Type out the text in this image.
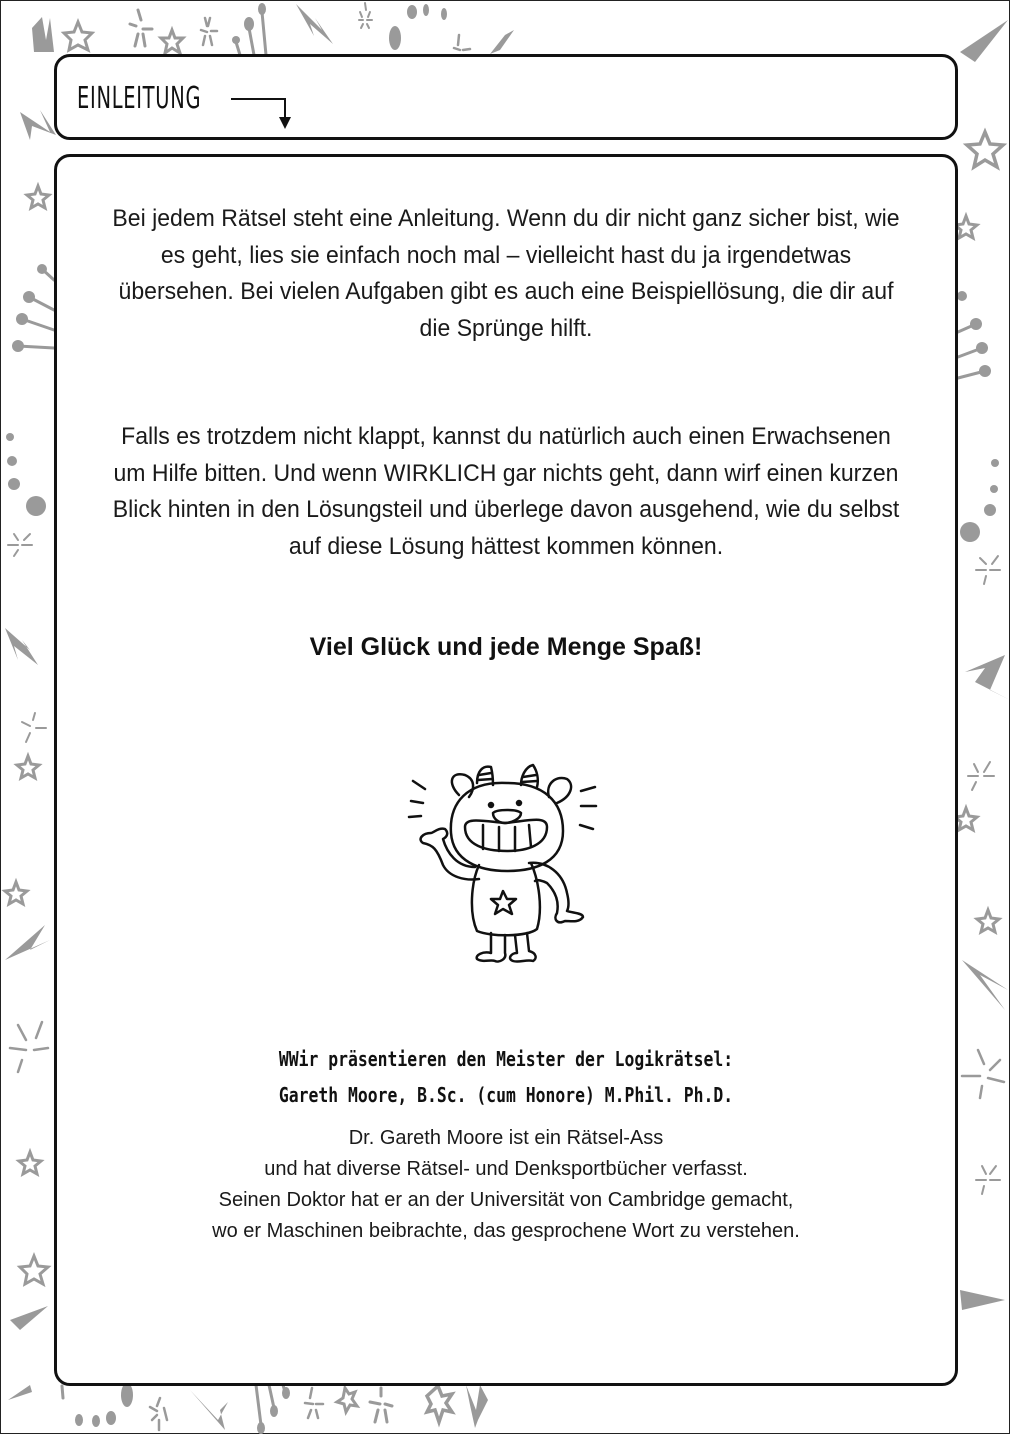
EINLEITUNG
Bei jedem Rätsel steht eine Anleitung. Wenn du dir nicht ganz sicher bist, wie es geht, lies sie einfach noch mal – vielleicht hast du ja irgendetwas übersehen. Bei vielen Aufgaben gibt es auch eine Beispiellösung, die dir auf die Sprünge hilft.
Falls es trotzdem nicht klappt, kannst du natürlich auch einen Erwachsenen um Hilfe bitten. Und wenn WIRKLICH gar nichts geht, dann wirf einen kurzen Blick hinten in den Lösungsteil und überlege davon ausgehend, wie du selbst auf diese Lösung hättest kommen können.
Viel Glück und jede Menge Spaß!
WWir präsentieren den Meister der Logikrätsel:
Gareth Moore, B.Sc. (cum Honore) M.Phil. Ph.D.
Dr. Gareth Moore ist ein Rätsel-Ass
und hat diverse Rätsel- und Denksportbücher verfasst.
Seinen Doktor hat er an der Universität von Cambridge gemacht,
wo er Maschinen beibrachte, das gesprochene Wort zu verstehen.
